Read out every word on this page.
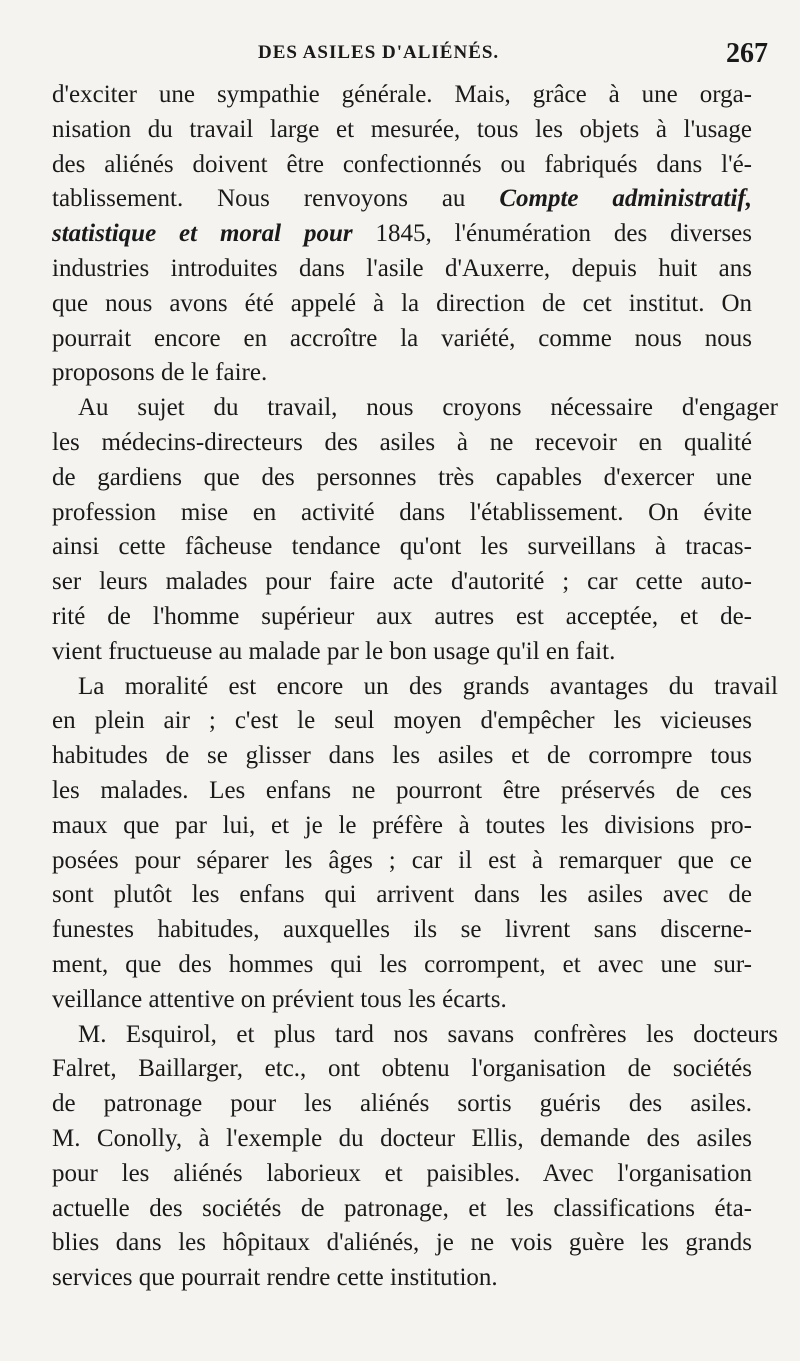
DES ASILES D'ALIÉNÉS.	267
d'exciter une sympathie générale. Mais, grâce à une orga-
nisation du travail large et mesurée, tous les objets à l'usage
des aliénés doivent être confectionnés ou fabriqués dans l'é-
tablissement. Nous renvoyons au Compte administratif,
statistique et moral pour 1845, l'énumération des diverses
industries introduites dans l'asile d'Auxerre, depuis huit ans
que nous avons été appelé à la direction de cet institut. On
pourrait encore en accroître la variété, comme nous nous
proposons de le faire.
Au sujet du travail, nous croyons nécessaire d'engager
les médecins-directeurs des asiles à ne recevoir en qualité
de gardiens que des personnes très capables d'exercer une
profession mise en activité dans l'établissement. On évite
ainsi cette fâcheuse tendance qu'ont les surveillans à tracas-
ser leurs malades pour faire acte d'autorité ; car cette auto-
rité de l'homme supérieur aux autres est acceptée, et de-
vient fructueuse au malade par le bon usage qu'il en fait.
La moralité est encore un des grands avantages du travail
en plein air ; c'est le seul moyen d'empêcher les vicieuses
habitudes de se glisser dans les asiles et de corrompre tous
les malades. Les enfans ne pourront être préservés de ces
maux que par lui, et je le préfère à toutes les divisions pro-
posées pour séparer les âges ; car il est à remarquer que ce
sont plutôt les enfans qui arrivent dans les asiles avec de
funestes habitudes, auxquelles ils se livrent sans discerne-
ment, que des hommes qui les corrompent, et avec une sur-
veillance attentive on prévient tous les écarts.
M. Esquirol, et plus tard nos savans confrères les docteurs
Falret, Baillarger, etc., ont obtenu l'organisation de sociétés
de patronage pour les aliénés sortis guéris des asiles.
M. Conolly, à l'exemple du docteur Ellis, demande des asiles
pour les aliénés laborieux et paisibles. Avec l'organisation
actuelle des sociétés de patronage, et les classifications éta-
blies dans les hôpitaux d'aliénés, je ne vois guère les grands
services que pourrait rendre cette institution.
